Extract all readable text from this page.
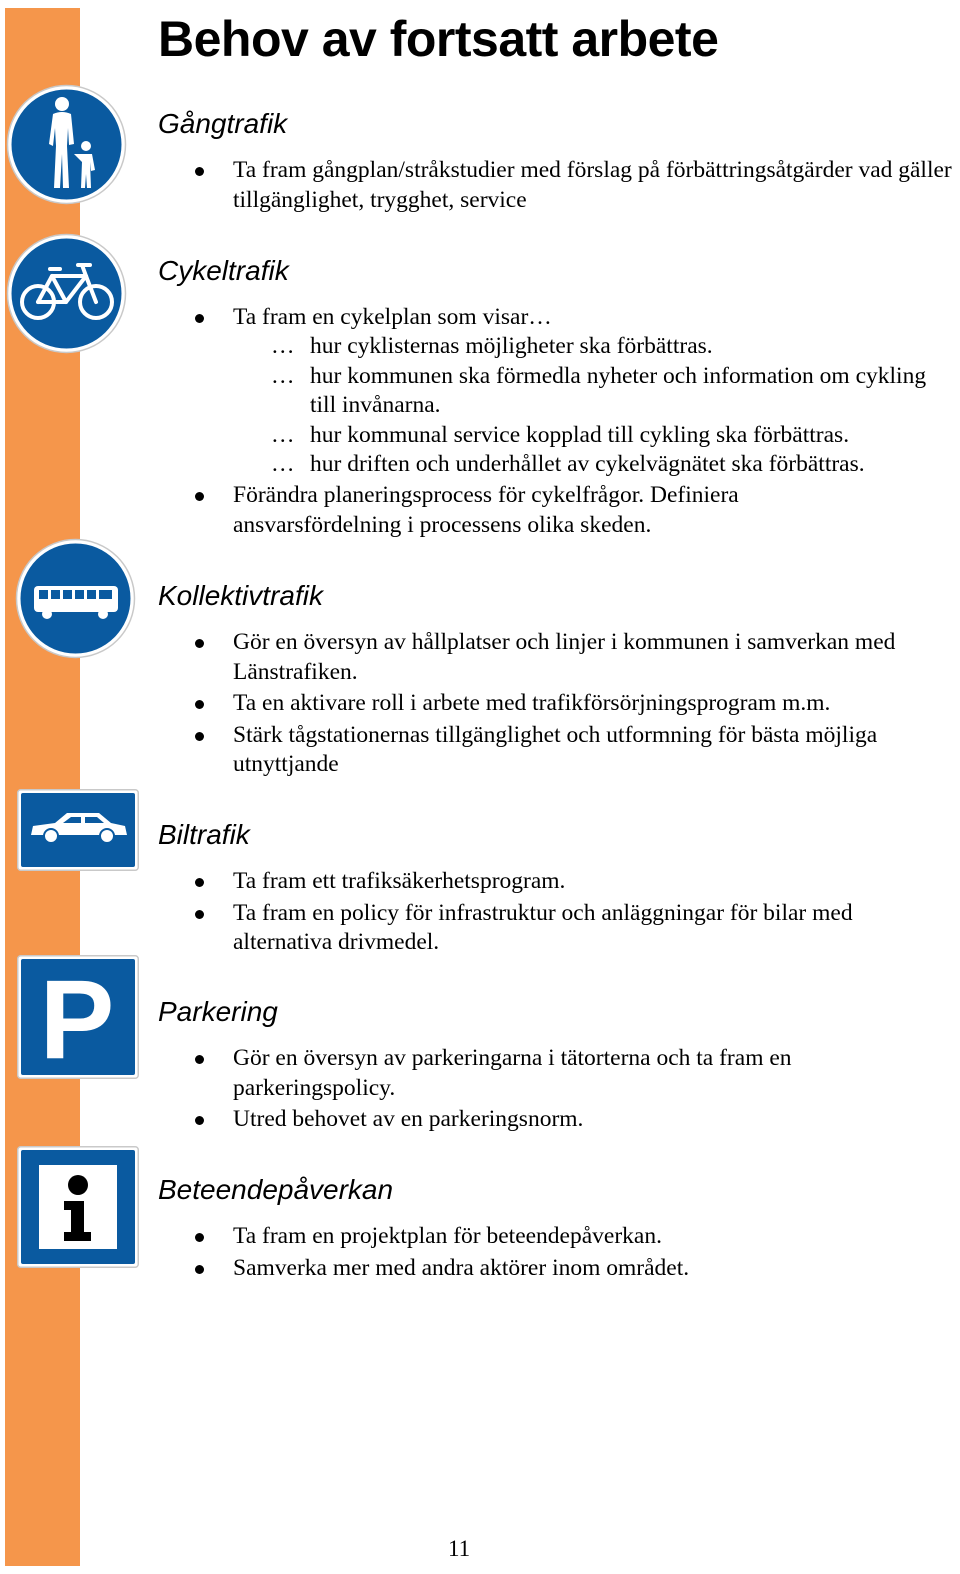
Behov av fortsatt arbete
Gångtrafik
Ta fram gångplan/stråkstudier med förslag på förbättringsåtgärder vad gäller tillgänglighet, trygghet, service
Cykeltrafik
Ta fram en cykelplan som visar…
… hur cyklisternas möjligheter ska förbättras.
… hur kommunen ska förmedla nyheter och information om cykling till invånarna.
… hur kommunal service kopplad till cykling ska förbättras.
… hur driften och underhållet av cykelvägnätet ska förbättras.
Förändra planeringsprocess för cykelfrågor. Definiera ansvarsfördelning i processens olika skeden.
Kollektivtrafik
Gör en översyn av hållplatser och linjer i kommunen i samverkan med Länstrafiken.
Ta en aktivare roll i arbete med trafikförsörjningsprogram m.m.
Stärk tågstationernas tillgänglighet och utformning för bästa möjliga utnyttjande
Biltrafik
Ta fram ett trafiksäkerhetsprogram.
Ta fram en policy för infrastruktur och anläggningar för bilar med alternativa drivmedel.
P Parkering
Gör en översyn av parkeringarna i tätorterna och ta fram en parkeringspolicy.
Utred behovet av en parkeringsnorm.
Beteendepåverkan
Ta fram en projektplan för beteendepåverkan.
Samverka mer med andra aktörer inom området.
11
